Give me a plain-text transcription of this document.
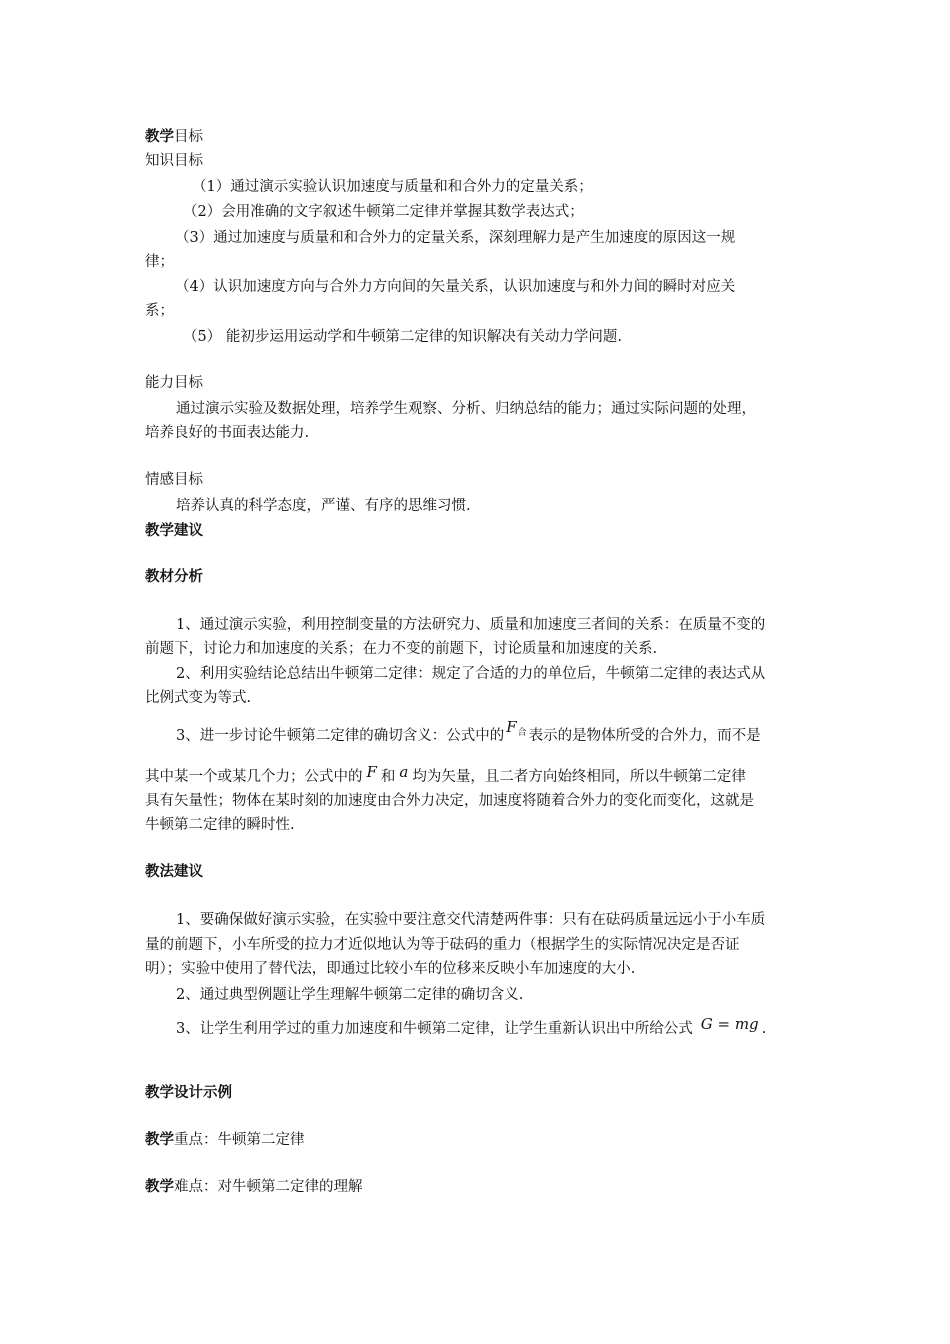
教学目标
知识目标
（1）通过演示实验认识加速度与质量和和合外力的定量关系；
（2）会用准确的文字叙述牛顿第二定律并掌握其数学表达式；
（3）通过加速度与质量和和合外力的定量关系，深刻理解力是产生加速度的原因这一规
律；
（4）认识加速度方向与合外力方向间的矢量关系，认识加速度与和外力间的瞬时对应关
系；
（5） 能初步运用运动学和牛顿第二定律的知识解决有关动力学问题.
能力目标
通过演示实验及数据处理，培养学生观察、分析、归纳总结的能力；通过实际问题的处理，
培养良好的书面表达能力.
情感目标
培养认真的科学态度，严谨、有序的思维习惯.
教学建议
教材分析
1、通过演示实验，利用控制变量的方法研究力、质量和加速度三者间的关系：在质量不变的
前题下，讨论力和加速度的关系；在力不变的前题下，讨论质量和加速度的关系.
2、利用实验结论总结出牛顿第二定律：规定了合适的力的单位后，牛顿第二定律的表达式从
比例式变为等式.
3、进一步讨论牛顿第二定律的确切含义：公式中的 $F_合$ 表示的是物体所受的合外力，而不是
其中某一个或某几个力；公式中的 F 和 a 均为矢量，且二者方向始终相同，所以牛顿第二定律
具有矢量性；物体在某时刻的加速度由合外力决定，加速度将随着合外力的变化而变化，这就是
牛顿第二定律的瞬时性.
教法建议
1、要确保做好演示实验，在实验中要注意交代清楚两件事：只有在砝码质量远远小于小车质
量的前题下，小车所受的拉力才近似地认为等于砝码的重力（根据学生的实际情况决定是否证
明）；实验中使用了替代法，即通过比较小车的位移来反映小车加速度的大小.
2、通过典型例题让学生理解牛顿第二定律的确切含义.
3、让学生利用学过的重力加速度和牛顿第二定律，让学生重新认识出中所给公式 G = mg .
教学设计示例
教学重点：牛顿第二定律
教学难点：对牛顿第二定律的理解
